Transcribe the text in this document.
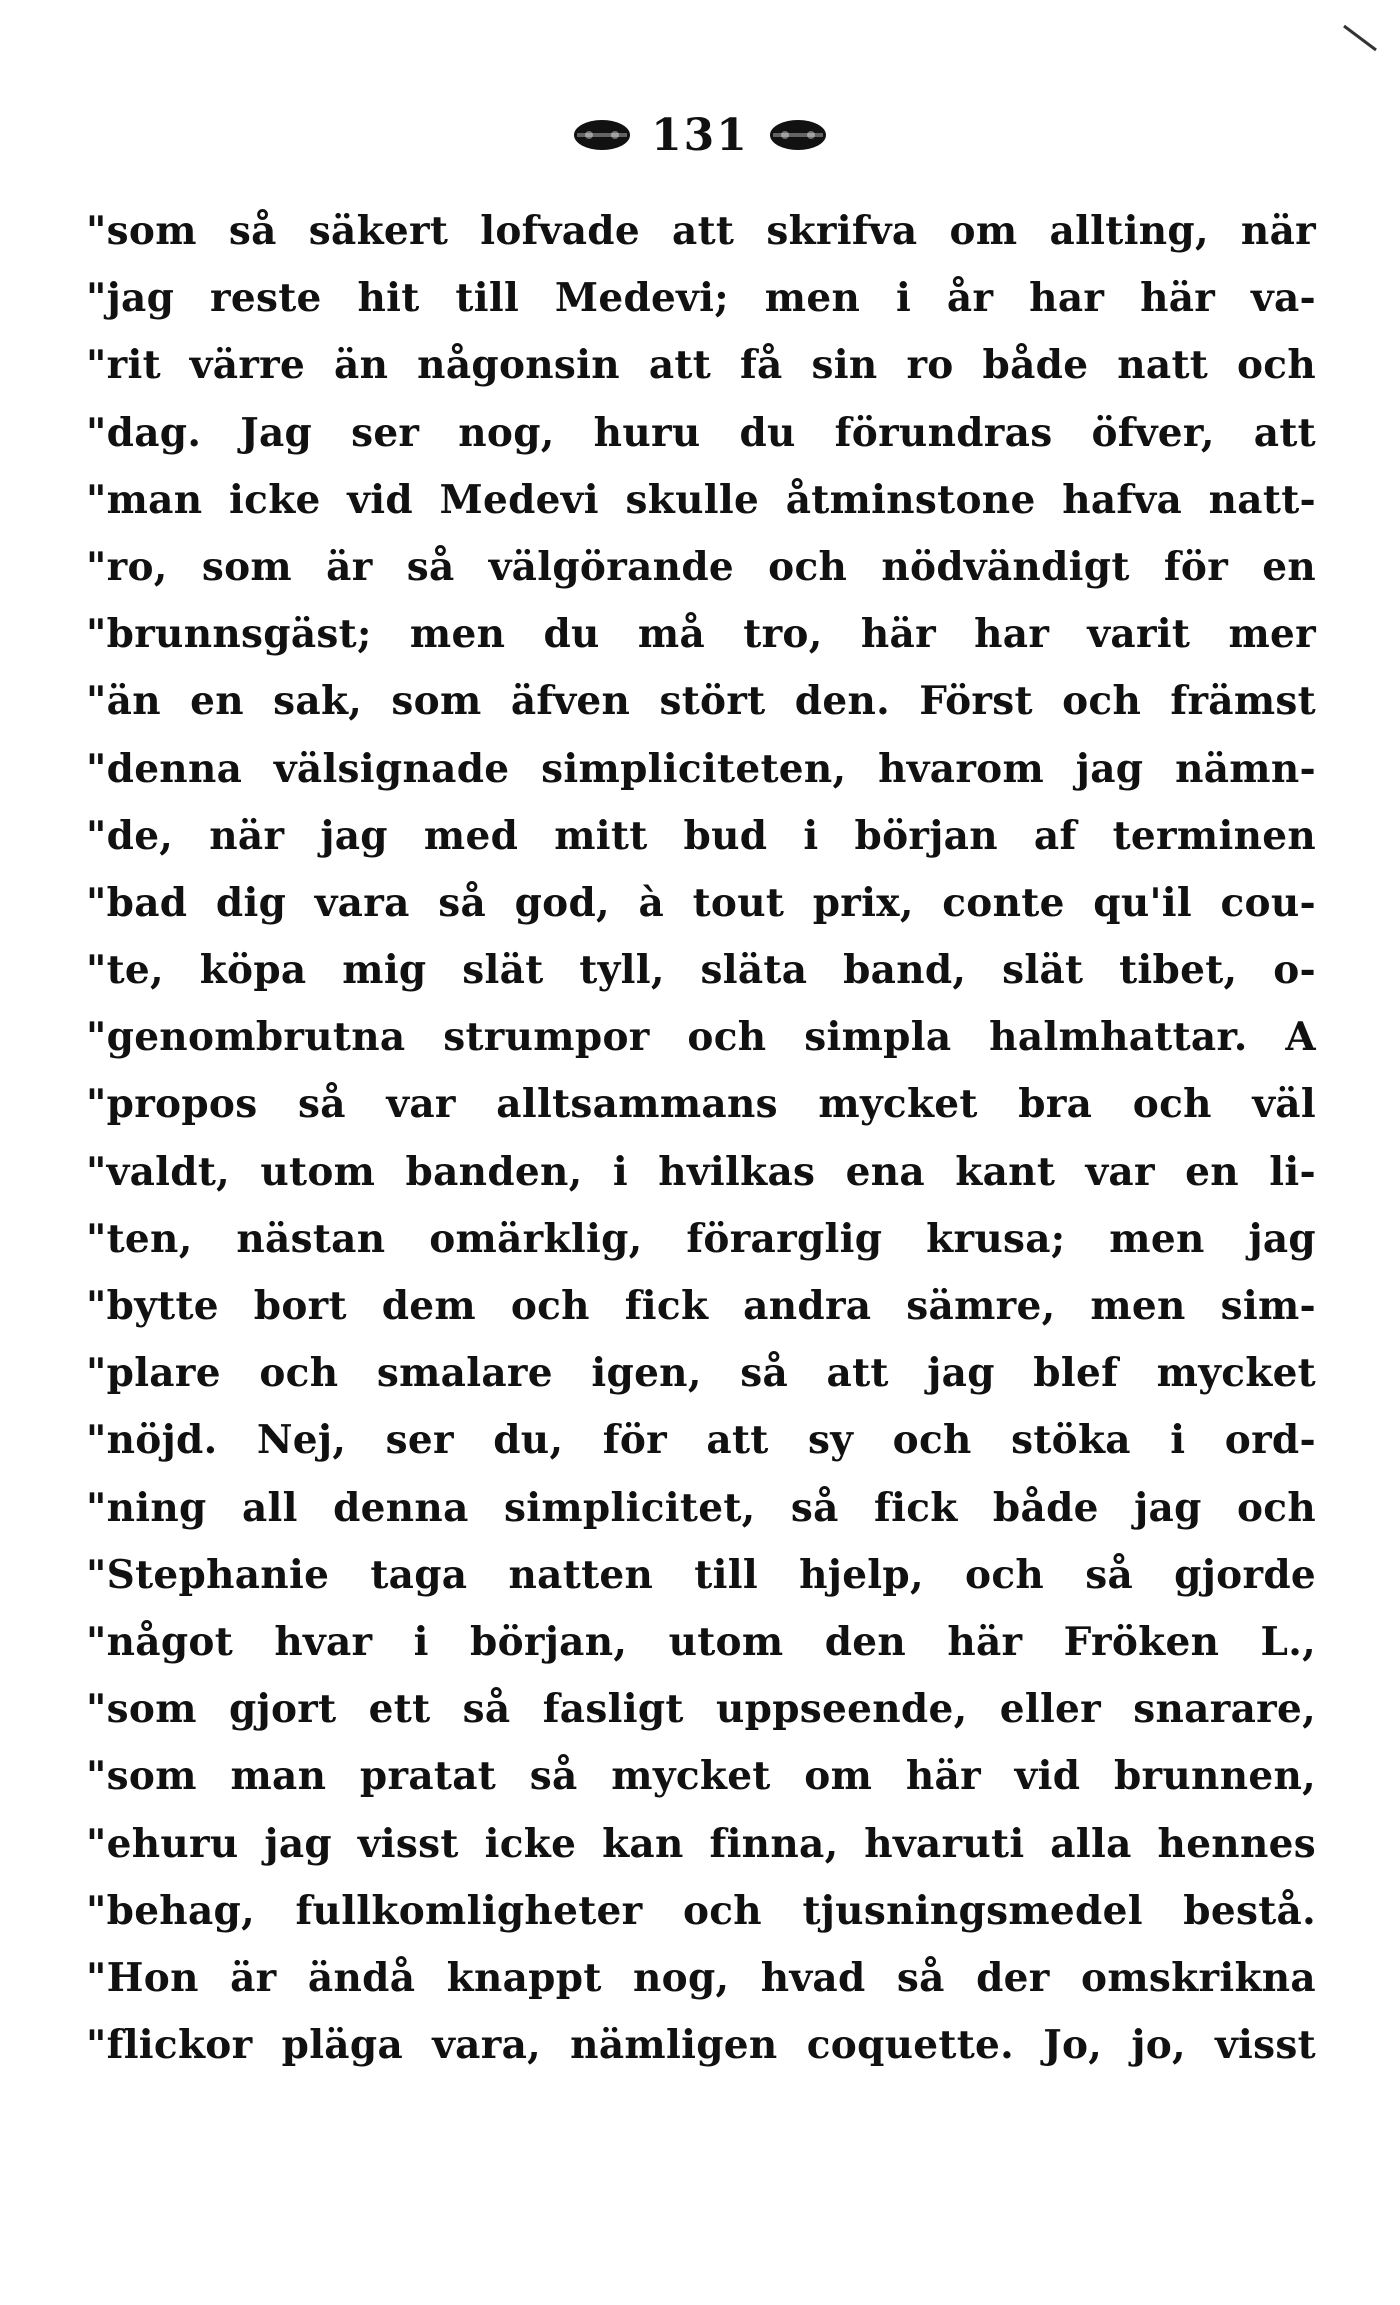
131
"som så säkert lofvade att skrifva om allting, när
"jag reste hit till Medevi; men i år har här va-
"rit värre än någonsin att få sin ro både natt och
"dag. Jag ser nog, huru du förundras öfver, att
"man icke vid Medevi skulle åtminstone hafva natt-
"ro, som är så välgörande och nödvändigt för en
"brunnsgäst; men du må tro, här har varit mer
"än en sak, som äfven stört den. Först och främst
"denna välsignade simpliciteten, hvarom jag nämn-
"de, när jag med mitt bud i början af terminen
"bad dig vara så god, à tout prix, conte qu'il cou-
"te, köpa mig slät tyll, släta band, slät tibet, o-
"genombrutna strumpor och simpla halmhattar. A
"propos så var alltsammans mycket bra och väl
"valdt, utom banden, i hvilkas ena kant var en li-
"ten, nästan omärklig, förarglig krusa; men jag
"bytte bort dem och fick andra sämre, men sim-
"plare och smalare igen, så att jag blef mycket
"nöjd. Nej, ser du, för att sy och stöka i ord-
"ning all denna simplicitet, så fick både jag och
"Stephanie taga natten till hjelp, och så gjorde
"något hvar i början, utom den här Fröken L.,
"som gjort ett så fasligt uppseende, eller snarare,
"som man pratat så mycket om här vid brunnen,
"ehuru jag visst icke kan finna, hvaruti alla hennes
"behag, fullkomligheter och tjusningsmedel bestå.
"Hon är ändå knappt nog, hvad så der omskrikna
"flickor pläga vara, nämligen coquette. Jo, jo, visst
